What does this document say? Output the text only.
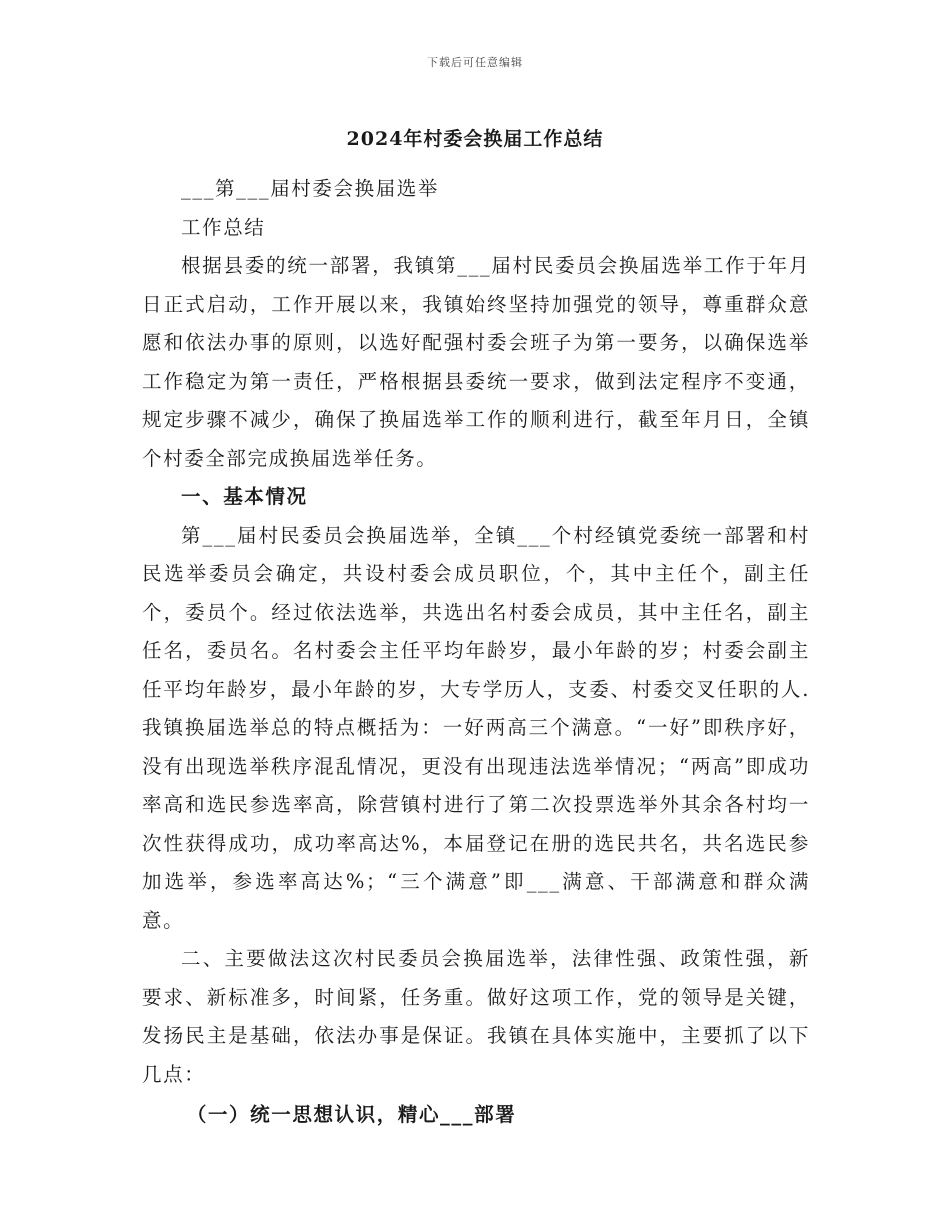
下载后可任意编辑
2024年村委会换届工作总结

___第___届村委会换届选举

工作总结

根据县委的统一部署，我镇第___届村民委员会换届选举工作于年月日正式启动，工作开展以来，我镇始终坚持加强党的领导，尊重群众意愿和依法办事的原则，以选好配强村委会班子为第一要务，以确保选举工作稳定为第一责任，严格根据县委统一要求，做到法定程序不变通，规定步骤不减少，确保了换届选举工作的顺利进行，截至年月日，全镇个村委全部完成换届选举任务。

一、基本情况

第___届村民委员会换届选举，全镇___个村经镇党委统一部署和村民选举委员会确定，共设村委会成员职位，个，其中主任个，副主任个，委员个。经过依法选举，共选出名村委会成员，其中主任名，副主任名，委员名。名村委会主任平均年龄岁，最小年龄的岁；村委会副主任平均年龄岁，最小年龄的岁，大专学历人，支委、村委交叉任职的人.我镇换届选举总的特点概括为：一好两高三个满意。“一好”即秩序好，没有出现选举秩序混乱情况，更没有出现违法选举情况；“两高”即成功率高和选民参选率高，除营镇村进行了第二次投票选举外其余各村均一次性获得成功，成功率高达%，本届登记在册的选民共名，共名选民参加选举，参选率高达%；“三个满意”即___满意、干部满意和群众满意。

二、主要做法这次村民委员会换届选举，法律性强、政策性强，新要求、新标准多，时间紧，任务重。做好这项工作，党的领导是关键，发扬民主是基础，依法办事是保证。我镇在具体实施中，主要抓了以下几点：

（一）统一思想认识，精心___部署
